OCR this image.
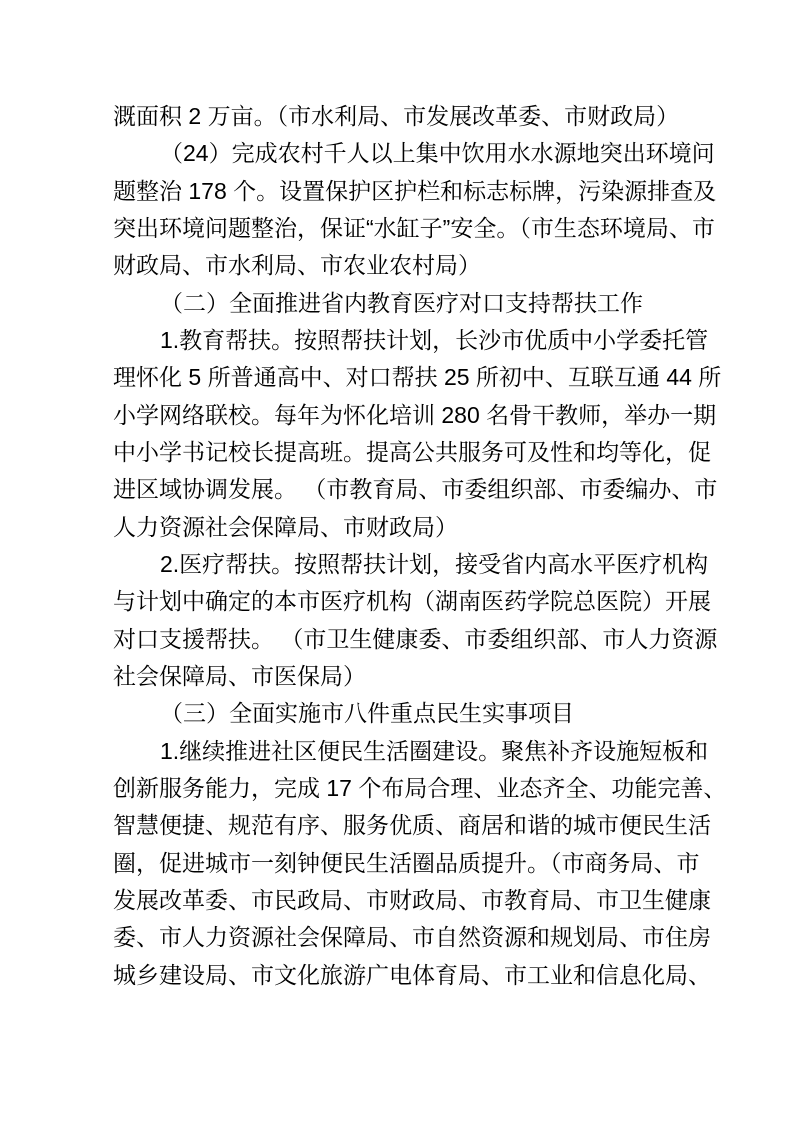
溉面积 2 万亩。（市水利局、市发展改革委、市财政局）
（24）完成农村千人以上集中饮用水水源地突出环境问
题整治 178 个。设置保护区护栏和标志标牌，污染源排查及
突出环境问题整治，保证“水缸子”安全。（市生态环境局、市
财政局、市水利局、市农业农村局）
（二）全面推进省内教育医疗对口支持帮扶工作
1.教育帮扶。按照帮扶计划，长沙市优质中小学委托管
理怀化 5 所普通高中、对口帮扶 25 所初中、互联互通 44 所
小学网络联校。每年为怀化培训 280 名骨干教师，举办一期
中小学书记校长提高班。提高公共服务可及性和均等化，促
进区域协调发展。 （市教育局、市委组织部、市委编办、市
人力资源社会保障局、市财政局）
2.医疗帮扶。按照帮扶计划，接受省内高水平医疗机构
与计划中确定的本市医疗机构（湖南医药学院总医院）开展
对口支援帮扶。 （市卫生健康委、市委组织部、市人力资源
社会保障局、市医保局）
（三）全面实施市八件重点民生实事项目
1.继续推进社区便民生活圈建设。聚焦补齐设施短板和
创新服务能力，完成 17 个布局合理、业态齐全、功能完善、
智慧便捷、规范有序、服务优质、商居和谐的城市便民生活
圈，促进城市一刻钟便民生活圈品质提升。（市商务局、市
发展改革委、市民政局、市财政局、市教育局、市卫生健康
委、市人力资源社会保障局、市自然资源和规划局、市住房
城乡建设局、市文化旅游广电体育局、市工业和信息化局、
